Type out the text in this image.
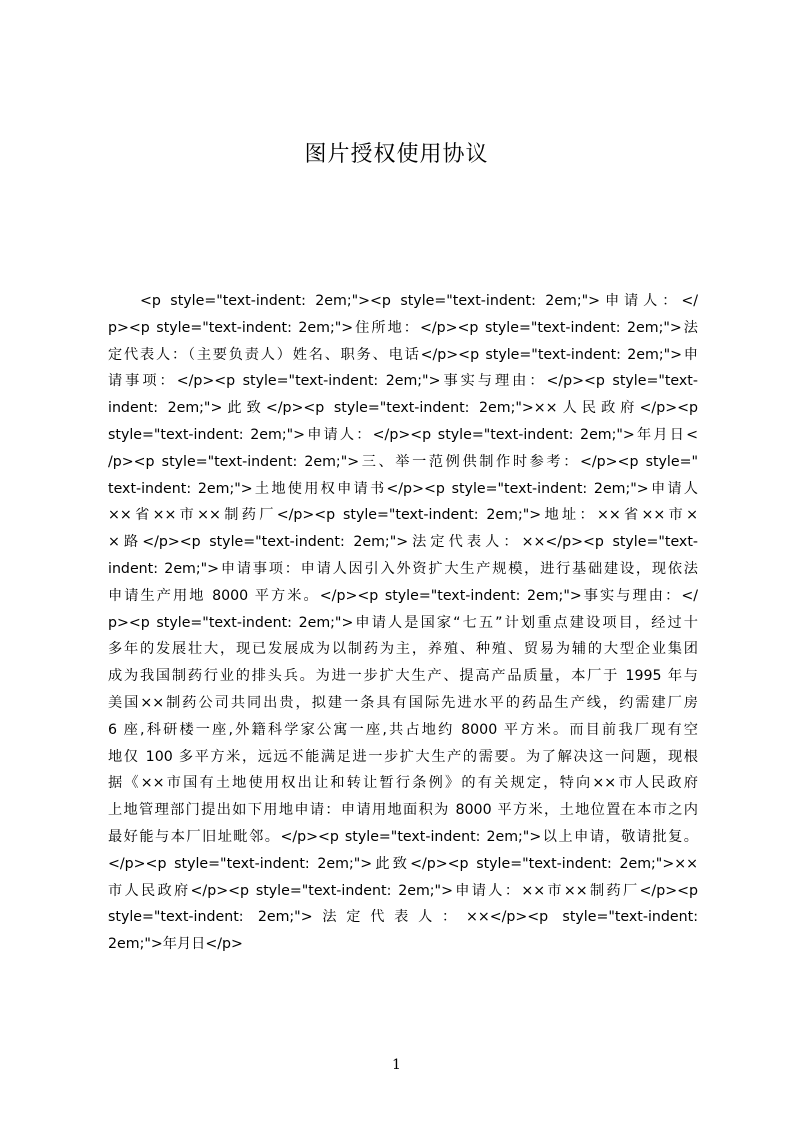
图片授权使用协议
<p style="text-indent: 2em;"><p style="text-indent: 2em;">申请人：</
p><p style="text-indent: 2em;">住所地：</p><p style="text-indent: 2em;">法
定代表人：（主要负责人）姓名、职务、电话</p><p style="text-indent: 2em;">申
请事项：</p><p style="text-indent: 2em;">事实与理由：</p><p style="text-
indent: 2em;">此致</p><p style="text-indent: 2em;">××人民政府</p><p
style="text-indent: 2em;">申请人：</p><p style="text-indent: 2em;">年月日<
/p><p style="text-indent: 2em;">三、举一范例供制作时参考：</p><p style="
text-indent: 2em;">土地使用权申请书</p><p style="text-indent: 2em;">申请人
××省××市××制药厂</p><p style="text-indent: 2em;">地址：××省××市×
×路</p><p style="text-indent: 2em;">法定代表人：××</p><p style="text-
indent: 2em;">申请事项：申请人因引入外资扩大生产规模，进行基础建设，现依法
申请生产用地 8000 平方米。</p><p style="text-indent: 2em;">事实与理由：</
p><p style="text-indent: 2em;">申请人是国家“七五”计划重点建设项目，经过十
多年的发展壮大，现已发展成为以制药为主，养殖、种殖、贸易为辅的大型企业集团
成为我国制药行业的排头兵。为进一步扩大生产、提高产品质量，本厂于 1995 年与
美国××制药公司共同出贵，拟建一条具有国际先进水平的药品生产线，约需建厂房
6 座,科研楼一座,外籍科学家公寓一座,共占地约 8000 平方米。而目前我厂现有空
地仅 100 多平方米，远远不能满足进一步扩大生产的需要。为了解决这一问题，现根
据《××市国有土地使用权出让和转让暂行条例》的有关规定，特向××市人民政府
上地管理部门提出如下用地申请：申请用地面积为 8000 平方米，土地位置在本市之内
最好能与本厂旧址毗邻。</p><p style="text-indent: 2em;">以上申请，敬请批复。
</p><p style="text-indent: 2em;">此致</p><p style="text-indent: 2em;">××
市人民政府</p><p style="text-indent: 2em;">申请人：××市××制药厂</p><p
style="text-indent: 2em;">法定代表人：××</p><p style="text-indent:
2em;">年月日</p>
1
